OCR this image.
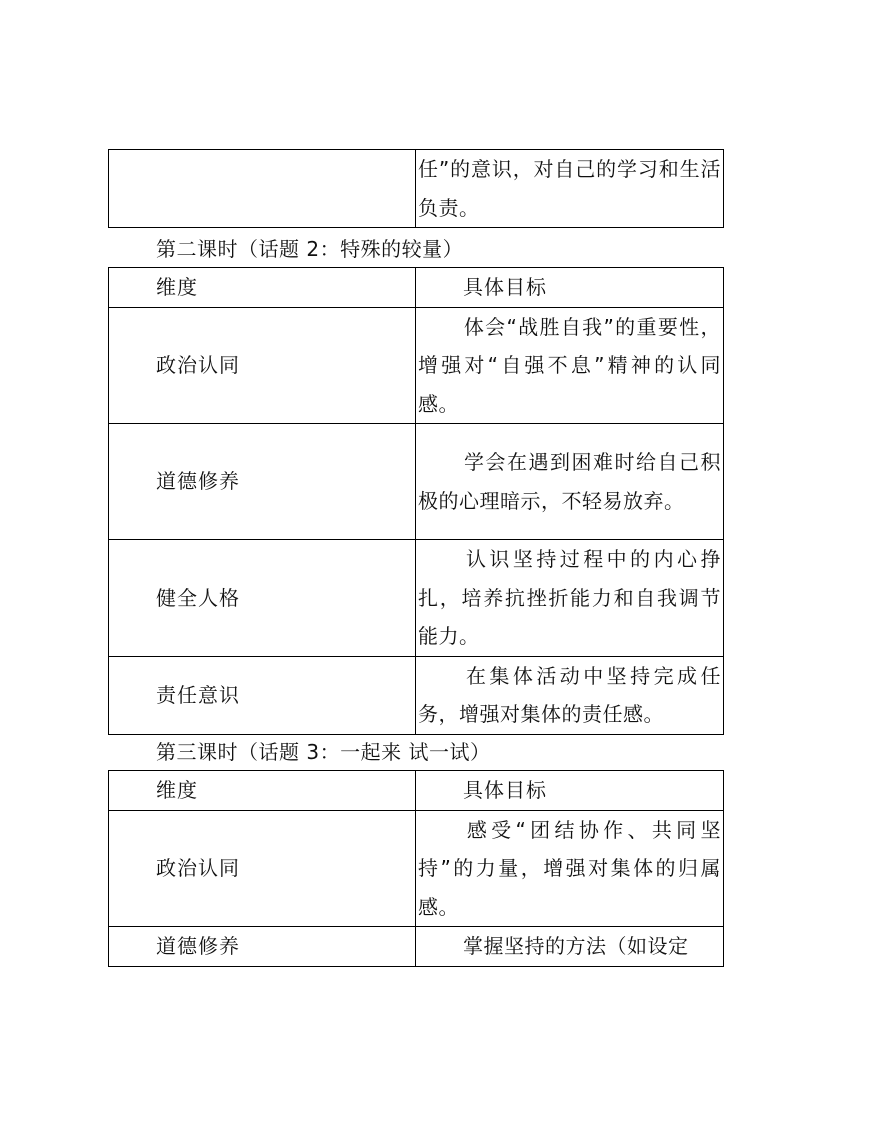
	任”的意识，对自己的学习和生活负责。
第二课时（话题 2：特殊的较量）
维度	具体目标
政治认同	体会“战胜自我”的重要性，增强对“自强不息”精神的认同感。
道德修养	学会在遇到困难时给自己积极的心理暗示，不轻易放弃。
健全人格	认识坚持过程中的内心挣扎，培养抗挫折能力和自我调节能力。
责任意识	在集体活动中坚持完成任务，增强对集体的责任感。
第三课时（话题 3：一起来 试一试）
维度	具体目标
政治认同	感受“团结协作、共同坚持”的力量，增强对集体的归属感。
道德修养	掌握坚持的方法（如设定
